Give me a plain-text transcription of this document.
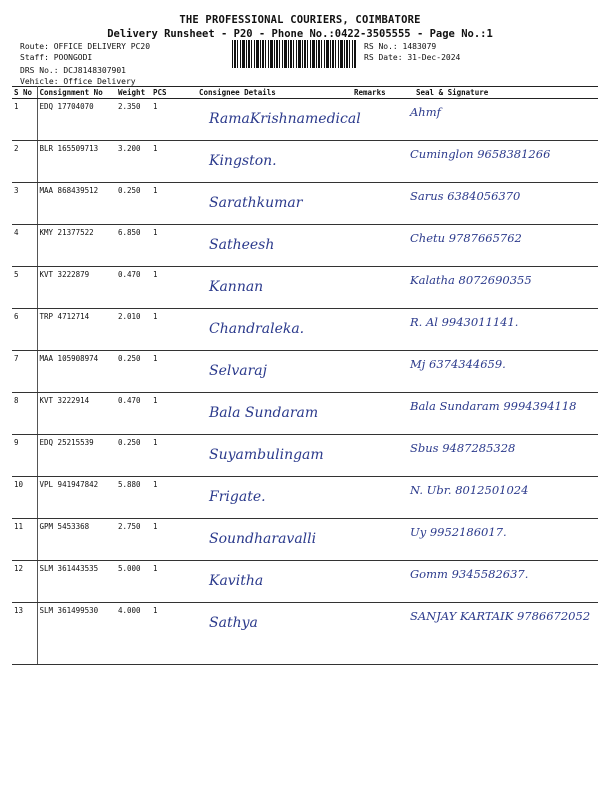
THE PROFESSIONAL COURIERS, COIMBATORE
Delivery Runsheet - P20 - Phone No.:0422-3505555 - Page No.:1
Route: OFFICE DELIVERY PC20
Staff: POONGODI
DRS No.: DCJ8148307901
Vehicle: Office Delivery
RS No.: 1483079
RS Date: 31-Dec-2024
S No	Consignment No	Weight	PCS	Consignee Details	Remarks	Seal & Signature
1	EDQ 17704070	2.350	1	RamaKrishnamedical		Ahmf

2	BLR 165509713	3.200	1	Kingston.		Cuminglon 9658381266

3	MAA 868439512	0.250	1	Sarathkumar		Sarus 6384056370

4	KMY 21377522	6.850	1	Satheesh		Chetu 9787665762

5	KVT 3222879	0.470	1	Kannan		Kalatha 8072690355

6	TRP 4712714	2.010	1	Chandraleka.		R. Al 9943011141.

7	MAA 105908974	0.250	1	Selvaraj		Mj 6374344659.

8	KVT 3222914	0.470	1	Bala Sundaram		Bala Sundaram 9994394118

9	EDQ 25215539	0.250	1	Suyambulingam		Sbus 9487285328

10	VPL 941947842	5.880	1	Frigate.		N. Ubr. 8012501024

11	GPM 5453368	2.750	1	Soundharavalli		Uy 9952186017.

12	SLM 361443535	5.000	1	Kavitha		Gomm 9345582637.

13	SLM 361499530	4.000	1	Sathya		SANJAY KARTAIK 9786672052
